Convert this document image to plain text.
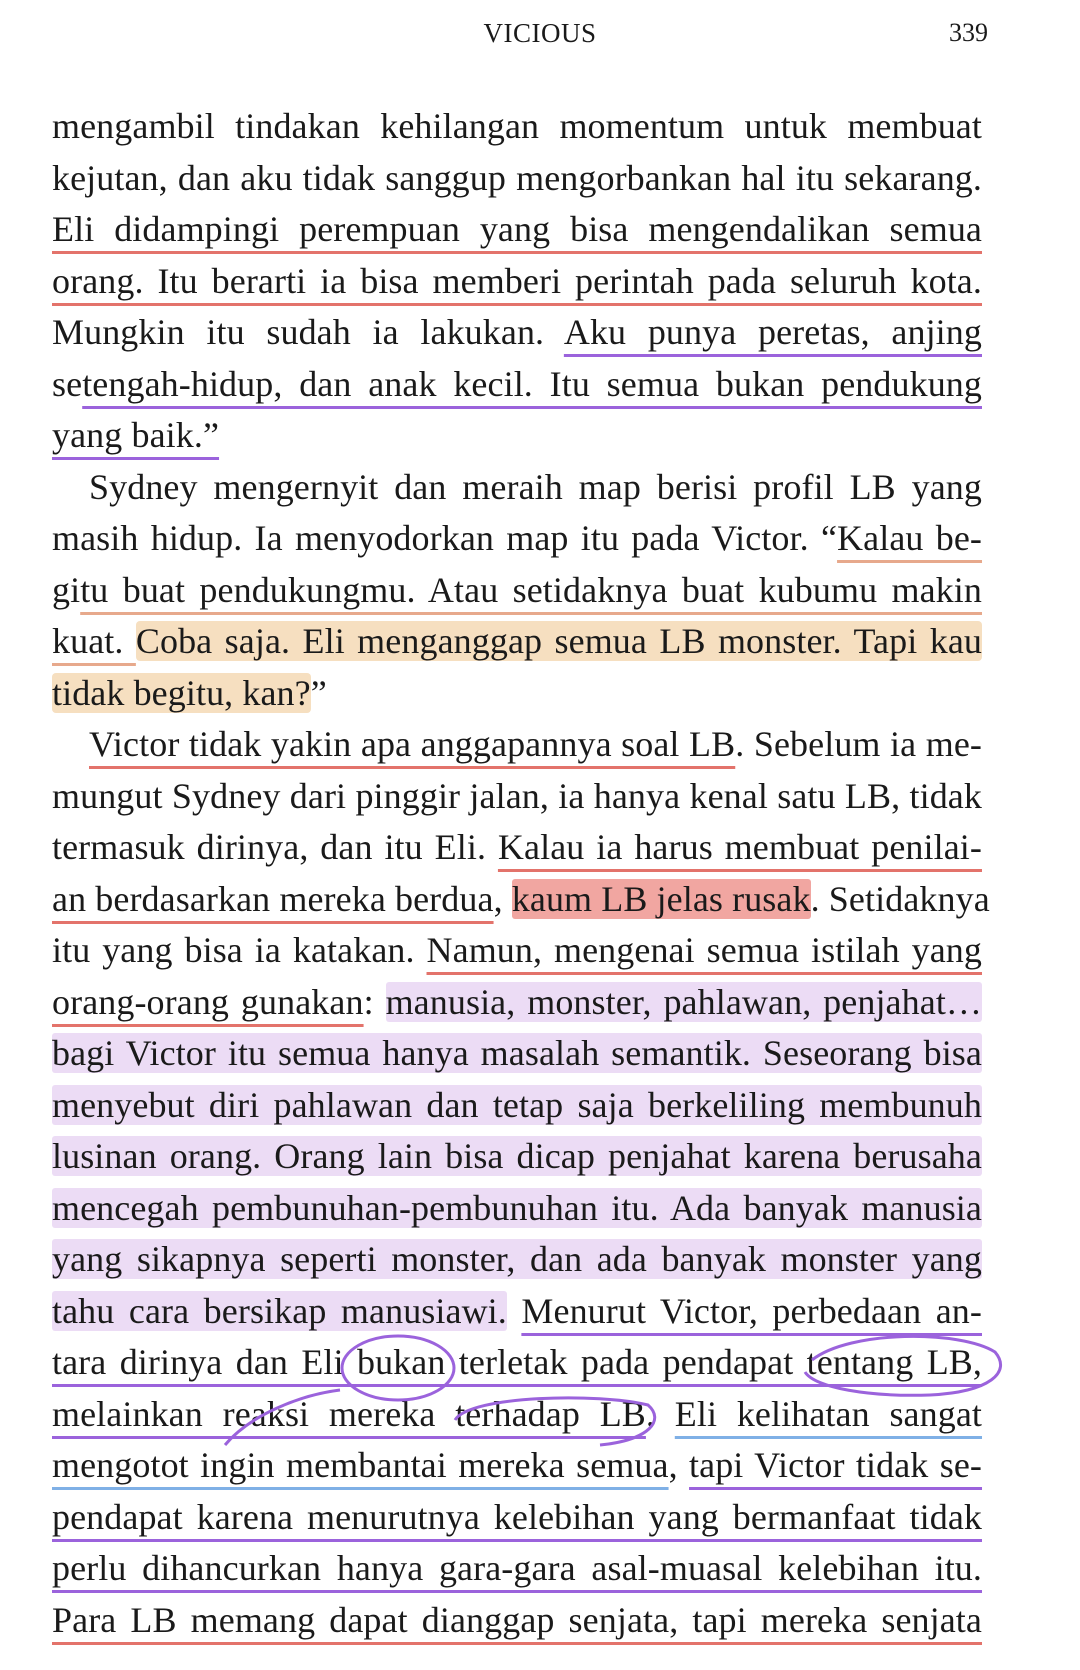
VICIOUS	339
mengambil tindakan kehilangan momentum untuk membuat
kejutan, dan aku tidak sanggup mengorbankan hal itu sekarang.
Eli didampingi perempuan yang bisa mengendalikan semua
orang. Itu berarti ia bisa memberi perintah pada seluruh kota.
Mungkin itu sudah ia lakukan. Aku punya peretas, anjing
setengah-hidup, dan anak kecil. Itu semua bukan pendukung
yang baik.”
Sydney mengernyit dan meraih map berisi profil LB yang
masih hidup. Ia menyodorkan map itu pada Victor. “Kalau be-
gitu buat pendukungmu. Atau setidaknya buat kubumu makin
kuat. Coba saja. Eli menganggap semua LB monster. Tapi kau
tidak begitu, kan?”
Victor tidak yakin apa anggapannya soal LB. Sebelum ia me-
mungut Sydney dari pinggir jalan, ia hanya kenal satu LB, tidak
termasuk dirinya, dan itu Eli. Kalau ia harus membuat penilai-
an berdasarkan mereka berdua, kaum LB jelas rusak. Setidaknya
itu yang bisa ia katakan. Namun, mengenai semua istilah yang
orang-orang gunakan: manusia, monster, pahlawan, penjahat…
bagi Victor itu semua hanya masalah semantik. Seseorang bisa
menyebut diri pahlawan dan tetap saja berkeliling membunuh
lusinan orang. Orang lain bisa dicap penjahat karena berusaha
mencegah pembunuhan-pembunuhan itu. Ada banyak manusia
yang sikapnya seperti monster, dan ada banyak monster yang
tahu cara bersikap manusiawi. Menurut Victor, perbedaan an-
tara dirinya dan Eli bukan terletak pada pendapat tentang LB,
melainkan reaksi mereka terhadap LB. Eli kelihatan sangat
mengotot ingin membantai mereka semua, tapi Victor tidak se-
pendapat karena menurutnya kelebihan yang bermanfaat tidak
perlu dihancurkan hanya gara-gara asal-muasal kelebihan itu.
Para LB memang dapat dianggap senjata, tapi mereka senjata
